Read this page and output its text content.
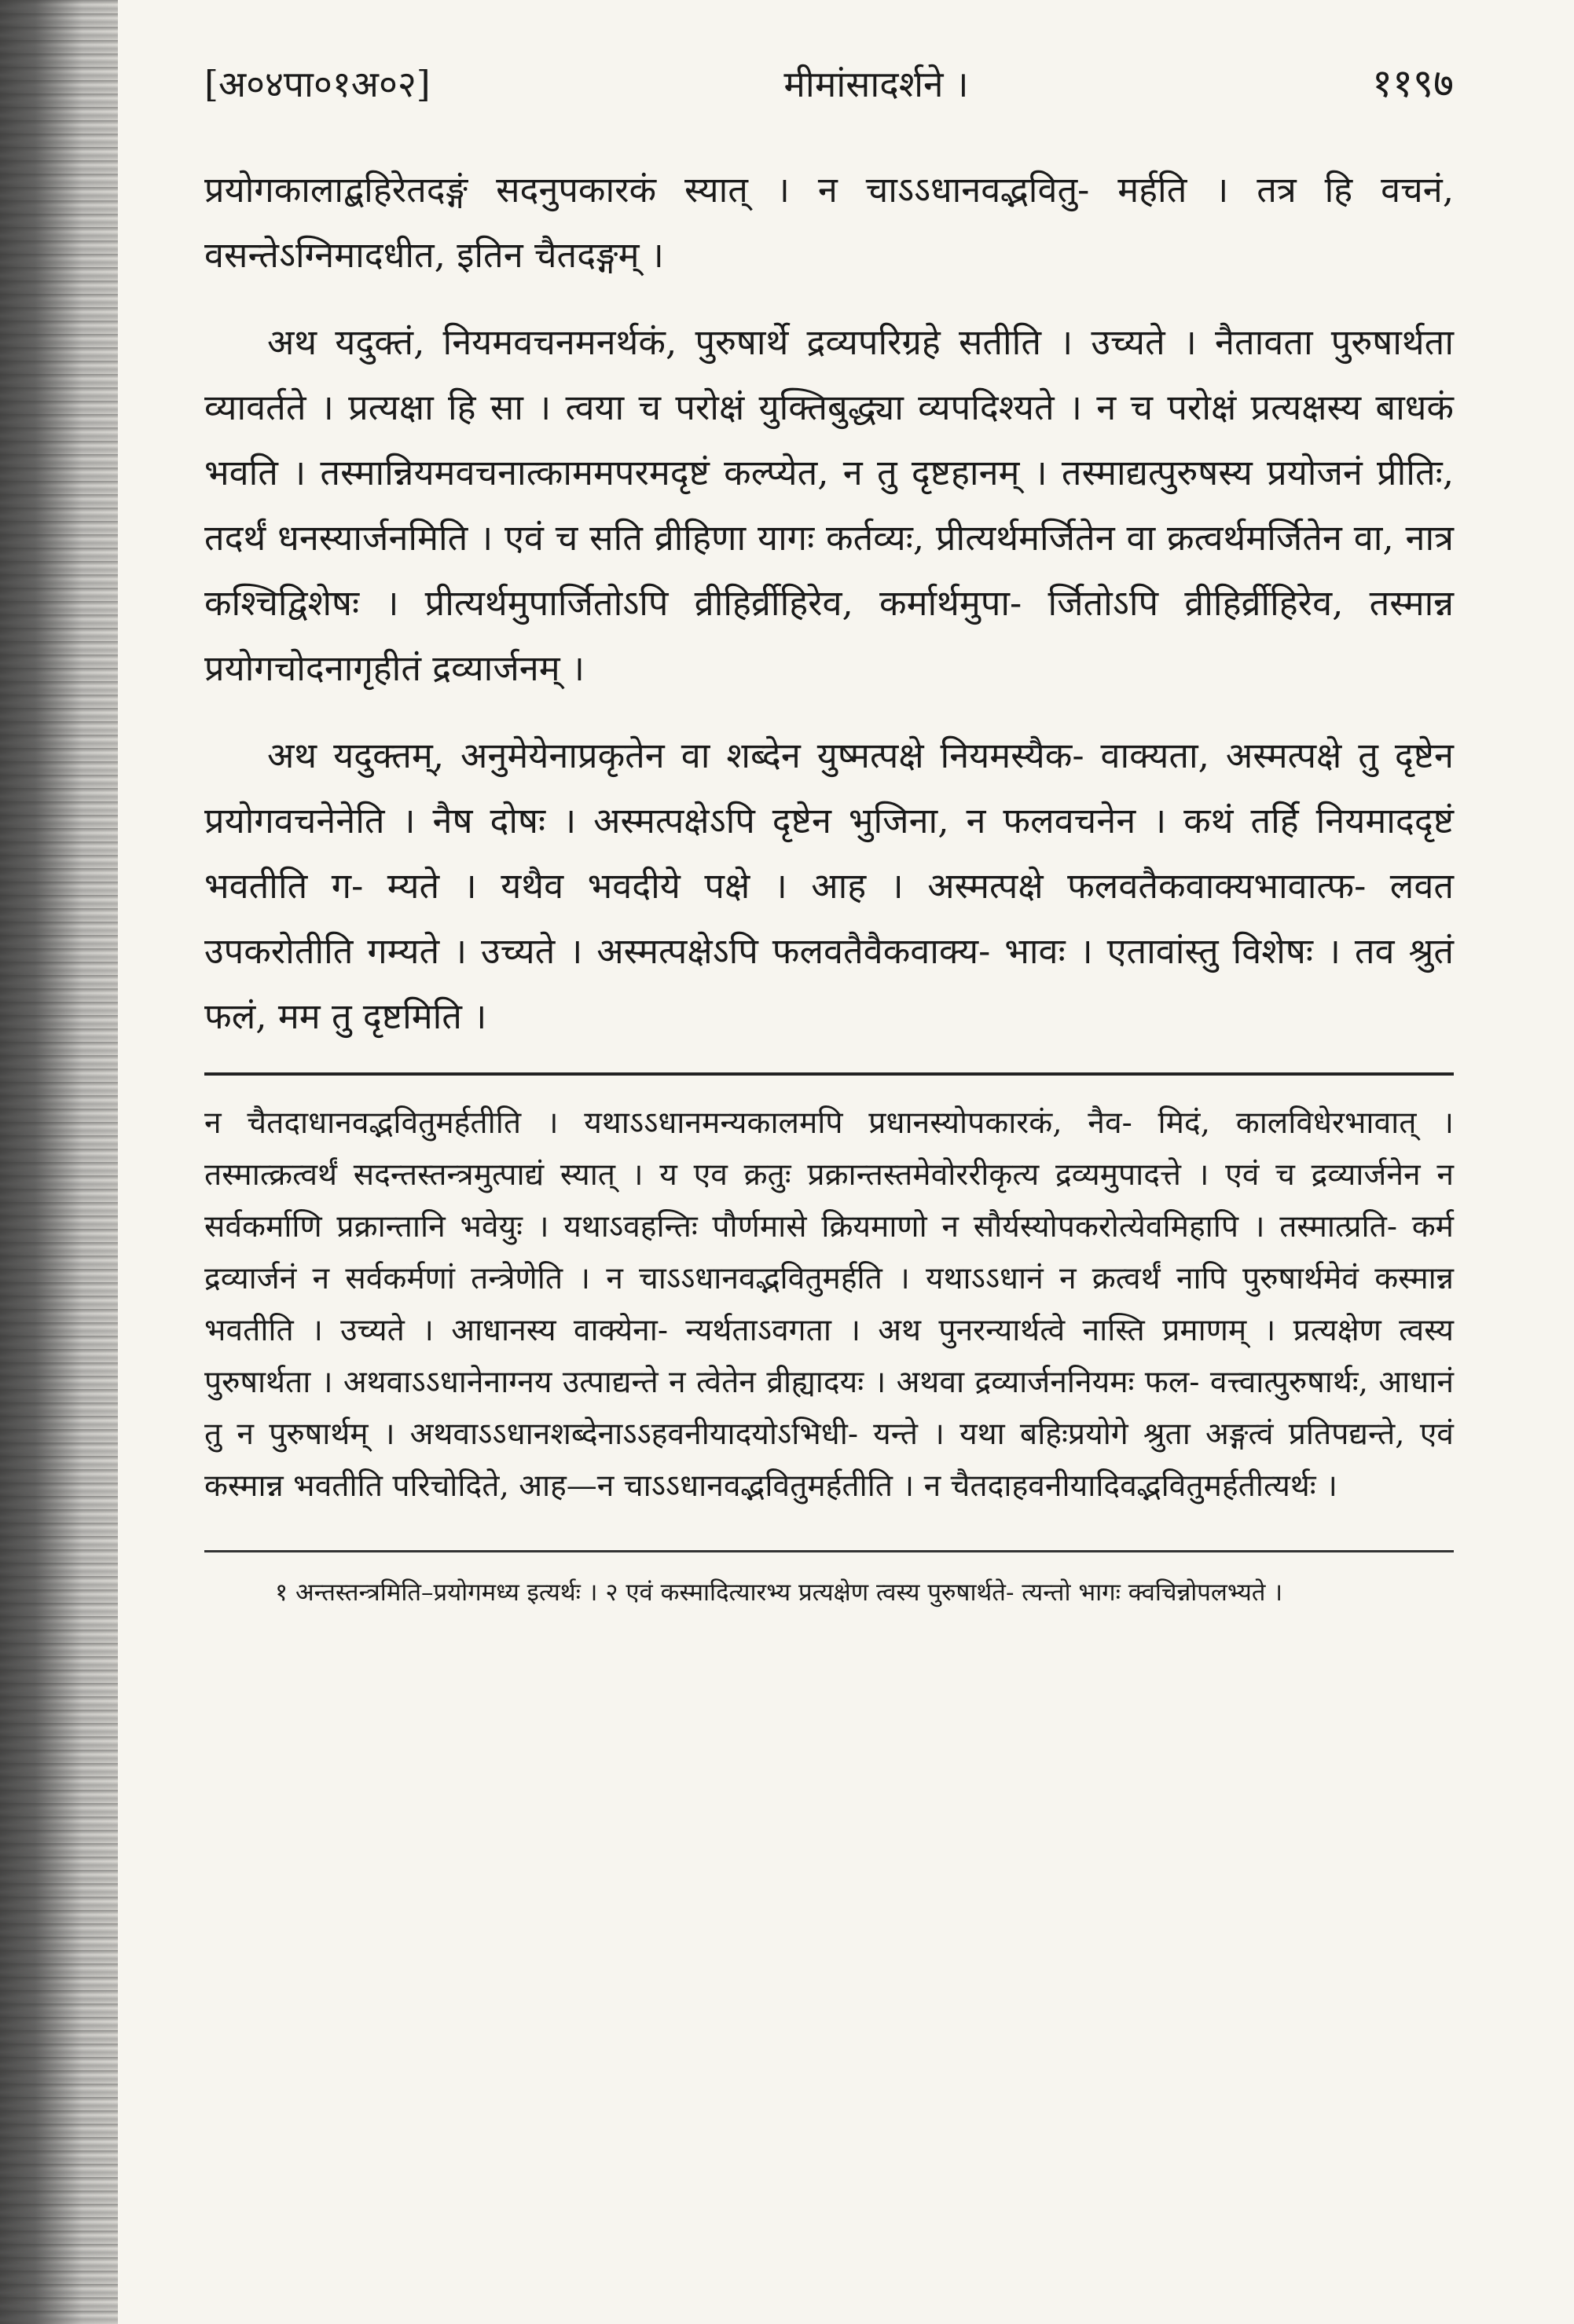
[अ०४पा०१अ०२]	मीमांसादर्शने ।	११९७

प्रयोगकालाद्बहिरेतदङ्गं सदनुपकारकं स्यात् । न चाऽऽधानवद्भवितु- मर्हति । तत्र हि वचनं, वसन्तेऽग्निमादधीत, इतिन चैतदङ्गम् ।

अथ यदुक्तं, नियमवचनमनर्थकं, पुरुषार्थे द्रव्यपरिग्रहे सतीति । उच्यते । नैतावता पुरुषार्थता व्यावर्तते । प्रत्यक्षा हि सा । त्वया च परोक्षं युक्तिबुद्ध्या व्यपदिश्यते । न च परोक्षं प्रत्यक्षस्य बाधकं भवति । तस्मान्नियमवचनात्काममपरमदृष्टं कल्प्येत, न तु दृष्टहानम् । तस्माद्यत्पुरुषस्य प्रयोजनं प्रीतिः, तदर्थं धनस्यार्जनमिति । एवं च सति व्रीहिणा यागः कर्तव्यः, प्रीत्यर्थमर्जितेन वा क्रत्वर्थमर्जितेन वा, नात्र कश्चिद्विशेषः । प्रीत्यर्थमुपार्जितोऽपि व्रीहिर्व्रीहिरेव, कर्मार्थमुपा- र्जितोऽपि व्रीहिर्व्रीहिरेव, तस्मान्न प्रयोगचोदनागृहीतं द्रव्यार्जनम् ।

अथ यदुक्तम्, अनुमेयेनाप्रकृतेन वा शब्देन युष्मत्पक्षे नियमस्यैक- वाक्यता, अस्मत्पक्षे तु दृष्टेन प्रयोगवचनेनेति । नैष दोषः । अस्मत्पक्षेऽपि दृष्टेन भुजिना, न फलवचनेन । कथं तर्हि नियमाददृष्टं भवतीति ग- म्यते । यथैव भवदीये पक्षे । आह । अस्मत्पक्षे फलवतैकवाक्यभावात्फ- लवत उपकरोतीति गम्यते । उच्यते । अस्मत्पक्षेऽपि फलवतैवैकवाक्य- भावः । एतावांस्तु विशेषः । तव श्रुतं फलं, मम तु दृष्टमिति ।

न चैतदाधानवद्भवितुमर्हतीति । यथाऽऽधानमन्यकालमपि प्रधानस्योपकारकं, नैव- मिदं, कालविधेरभावात् । तस्मात्क्रत्वर्थं सदन्तस्तन्त्रमुत्पाद्यं स्यात् । य एव क्रतुः प्रक्रान्तस्तमेवोररीकृत्य द्रव्यमुपादत्ते । एवं च द्रव्यार्जनेन न सर्वकर्माणि प्रक्रान्तानि भवेयुः । यथाऽवहन्तिः पौर्णमासे क्रियमाणो न सौर्यस्योपकरोत्येवमिहापि । तस्मात्प्रति- कर्म द्रव्यार्जनं न सर्वकर्मणां तन्त्रेणेति । न चाऽऽधानवद्भवितुमर्हति । यथाऽऽधानं न क्रत्वर्थं नापि पुरुषार्थमेवं कस्मान्न भवतीति । उच्यते । आधानस्य वाक्येना- न्यर्थताऽवगता । अथ पुनरन्यार्थत्वे नास्ति प्रमाणम् । प्रत्यक्षेण त्वस्य पुरुषार्थता । अथवाऽऽधानेनाग्नय उत्पाद्यन्ते न त्वेतेन व्रीह्यादयः । अथवा द्रव्यार्जननियमः फल- वत्त्वात्पुरुषार्थः, आधानं तु न पुरुषार्थम् । अथवाऽऽधानशब्देनाऽऽहवनीयादयोऽभिधी- यन्ते । यथा बहिःप्रयोगे श्रुता अङ्गत्वं प्रतिपद्यन्ते, एवं कस्मान्न भवतीति परिचोदिते, आह—न चाऽऽधानवद्भवितुमर्हतीति । न चैतदाहवनीयादिवद्भवितुमर्हतीत्यर्थः ।

१ अन्तस्तन्त्रमिति–प्रयोगमध्य इत्यर्थः । २ एवं कस्मादित्यारभ्य प्रत्यक्षेण त्वस्य पुरुषार्थते- त्यन्तो भागः क्वचिन्नोपलभ्यते ।
